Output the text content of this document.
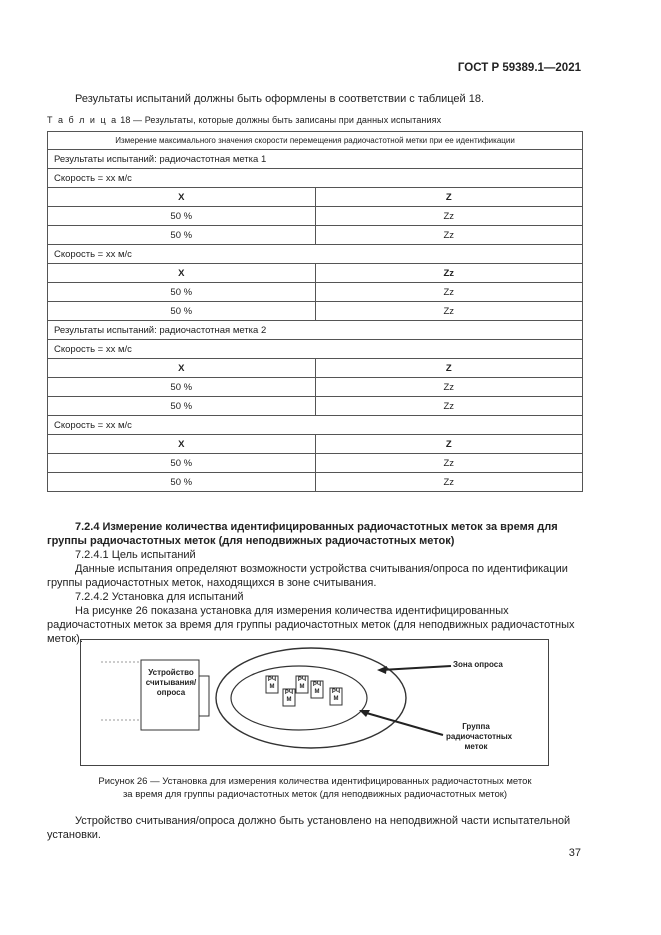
ГОСТ Р 59389.1—2021
Результаты испытаний должны быть оформлены в соответствии с таблицей 18.
Т а б л и ц а 18 — Результаты, которые должны быть записаны при данных испытаниях
Измерение максимального значения скорости перемещения радиочастотной метки при ее идентификации	
Результаты испытаний: радиочастотная метка 1	
Скорость = xx м/с	
X	Z
50 %	Zz
50 %	Zz
Скорость = xx м/с	
X	Zz
50 %	Zz
50 %	Zz
Результаты испытаний: радиочастотная метка 2	
Скорость = xx м/с	
X	Z
50 %	Zz
50 %	Zz
Скорость = xx м/с	
X	Z
50 %	Zz
50 %	Zz
7.2.4 Измерение количества идентифицированных радиочастотных меток за время для группы радиочастотных меток (для неподвижных радиочастотных меток)
7.2.4.1 Цель испытаний
Данные испытания определяют возможности устройства считывания/опроса по идентификации группы радиочастотных меток, находящихся в зоне считывания.
7.2.4.2 Установка для испытаний
На рисунке 26 показана установка для измерения количества идентифицированных радиочастотных меток за время для группы радиочастотных меток (для неподвижных радиочастотных меток).
Устройство
считывания/
опроса
Зона опроса
Группа
радиочастотных
меток
РЧ
М
РЧ
М
РЧ
М	РЧ
М	РЧ
М
Рисунок 26 — Установка для измерения количества идентифицированных радиочастотных меток
за время для группы радиочастотных меток (для неподвижных радиочастотных меток)
Устройство считывания/опроса должно быть установлено на неподвижной части испытательной установки.
37
